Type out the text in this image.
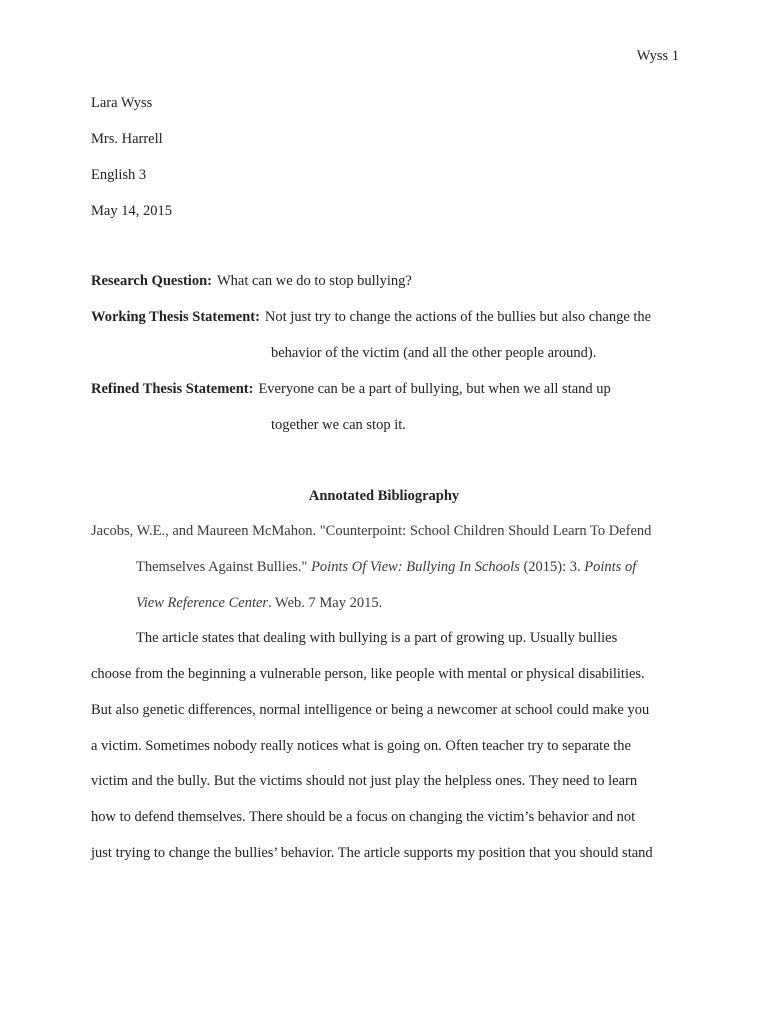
Wyss 1
Lara Wyss
Mrs. Harrell
English 3
May 14, 2015
Research Question: What can we do to stop bullying?
Working Thesis Statement: Not just try to change the actions of the bullies but also change the
behavior of the victim (and all the other people around).
Refined Thesis Statement: Everyone can be a part of bullying, but when we all stand up
together we can stop it.
Annotated Bibliography
Jacobs, W.E., and Maureen McMahon. "Counterpoint: School Children Should Learn To Defend
Themselves Against Bullies." Points Of View: Bullying In Schools (2015): 3. Points of
View Reference Center. Web. 7 May 2015.
The article states that dealing with bullying is a part of growing up. Usually bullies
choose from the beginning a vulnerable person, like people with mental or physical disabilities.
But also genetic differences, normal intelligence or being a newcomer at school could make you
a victim. Sometimes nobody really notices what is going on. Often teacher try to separate the
victim and the bully. But the victims should not just play the helpless ones. They need to learn
how to defend themselves. There should be a focus on changing the victim’s behavior and not
just trying to change the bullies’ behavior. The article supports my position that you should stand
